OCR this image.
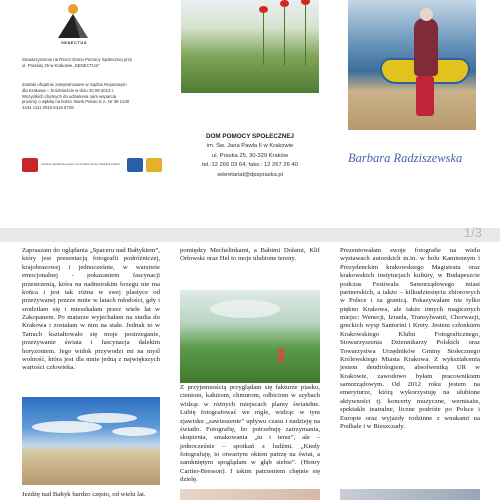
SENECTUS
Stowarzyszenie na Rzecz Domu Pomocy Społecznej przy
ul. Praskiej 25 w Krakowie „SENECTUS”
Zostało oficjalnie zarejestrowane w Sądzie Rejonowym
dla Krakowa – Śródmieście w dniu 20.09.2013 r.
Wszystkich chętnych do udzielenia nam wsparcia
prosimy o wpłatę na konto :Bank Pekao S.A. Nr 38 1240
1444 1111 0010 5416 8728
Zadanie współfinansowane ze środków Gminy Miejskiej Kraków
DOM POMOCY SPOŁECZNEJ
im. Św. Jana Pawła II w Krakowie
ul. Praska 25, 30-329 Kraków
tel.:12 266 03 64, faks.: 12 267 26 40
sekretariat@dpspraska.pl
Barbara Radziszewska
1/3
Zapraszam do oglądania „Spaceru nad Bałtykiem”, który jest prezentacją fotografii podróżniczej, krajobrazowej i jednocześnie, w warstwie emocjonalnej - pokazaniem fascynacji przestrzenią, która na nadmorskim brzegu nie ma końca i jest tak różna w swej plastyce od przeżywanej przeze mnie w latach młodości, gdy i srodzilam się i mieszkałam przez wiele lat w Zakopanem. Po maturze wyjechałam na studia do Krakowa i zostałam w nim na stałe. Jednak to w Tatrach kształtowało się moje postrzeganie, przeżywanie świata i fascynacja dalekim horyzontem. Jego widok przywodzi mi na myśl wolność, która jest dla mnie jedną z największych wartości człowieka.
Jeżdżę nad Bałtyk bardzo często, od wielu lat.
pomiędzy Mechelinkami, a Babimi Dołami, Klif Orłowski oraz Hel to moje ulubione tereny.
Z przyjemnością przyglądam się fakturze piasku, cieniom, kałużom, chmurom, odbiciom w szybach widząc w różnych miejscach plamy światełne. Lubię fotografować we mgle, widząc w tym zjawisku „zawieszenie” upływu czasu i nadzieję na światło. Fotografię, bo potrzebuję zatrzymania, skupienia, smakowania „tu i teraz”, ale – jednocześnie – spotkań z ludźmi. „Kiedy fotografuję, to otwartym okiem patrzę na świat, a zamkniętym spoglądam w głąb siebie”. (Henry Cartier-Bresson). I takim patrzeniem chętnie się dzielę.
Prezentowałam swoje fotografie na wielu wystawach autorskich m.in. w holu Kamiennym i Prezydenckim krakowskiego Magistratu oraz krakowskich instytucjach kultury, w Budapeszcie podczas Festiwalu Samorządowego miast partnerskich, a także – kilkudziesięciu zbiorowych w Polsce i za granicą. Pokazywałam nie tylko piękno Krakowa, ale także innych magicznych miejsc: Wenecji, Izraela, Transylwanii, Chorwacji, greckich wysp Santorini i Krety. Jestem członkiem Krakowskiego Klubu Fotograficznego, Stowarzyszenia Dziennikarzy Polskich oraz Towarzystwa Urzędników Gminy Stołecznego Królewskiego Miasta Krakowa. Z wykształcenia jestem dendrologiem, absolwentką UR w Krakowie, zawodowo byłam pracownikiem samorządowym. Od 2012 roku jestem na emeryturze, którą wykorzystuję na ulubione aktywności tj. koncerty muzyczne, wernisaże, spektakle teatralne, liczne podróże po Polsce i Europie oraz wyjazdy rodzinne z wnukami na Podhale i w Bieszczady.
